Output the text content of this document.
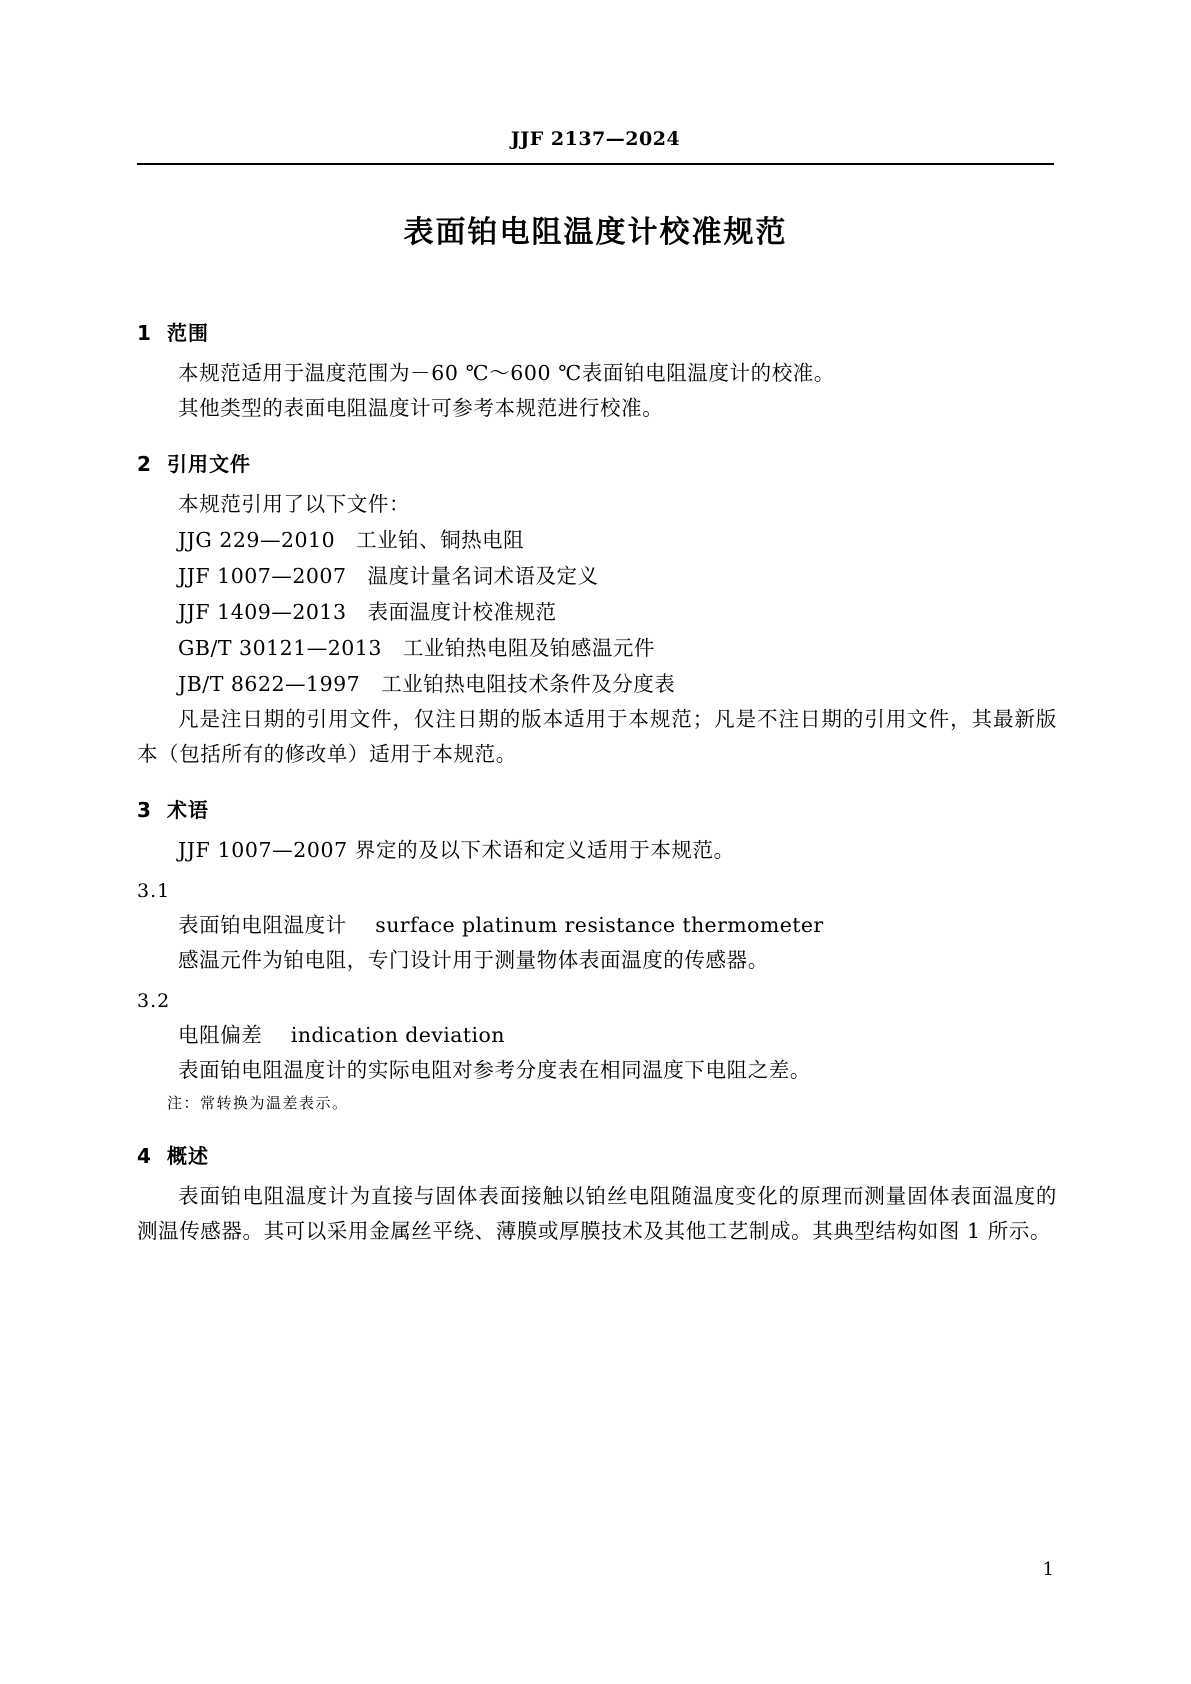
JJF 2137—2024
表面铂电阻温度计校准规范
1 范围

本规范适用于温度范围为－60 ℃～600 ℃表面铂电阻温度计的校准。

其他类型的表面电阻温度计可参考本规范进行校准。

2 引用文件

本规范引用了以下文件：

JJG 229—2010　工业铂、铜热电阻
JJF 1007—2007　温度计量名词术语及定义
JJF 1409—2013　表面温度计校准规范
GB/T 30121—2013　工业铂热电阻及铂感温元件
JB/T 8622—1997　工业铂热电阻技术条件及分度表

凡是注日期的引用文件，仅注日期的版本适用于本规范；凡是不注日期的引用文件，其最新版本（包括所有的修改单）适用于本规范。

3 术语

JJF 1007—2007 界定的及以下术语和定义适用于本规范。

3.1
表面铂电阻温度计 surface platinum resistance thermometer
感温元件为铂电阻，专门设计用于测量物体表面温度的传感器。
3.2
电阻偏差 indication deviation
表面铂电阻温度计的实际电阻对参考分度表在相同温度下电阻之差。
注：常转换为温差表示。
4 概述

表面铂电阻温度计为直接与固体表面接触以铂丝电阻随温度变化的原理而测量固体表面温度的测温传感器。其可以采用金属丝平绕、薄膜或厚膜技术及其他工艺制成。其典型结构如图 1 所示。

1
